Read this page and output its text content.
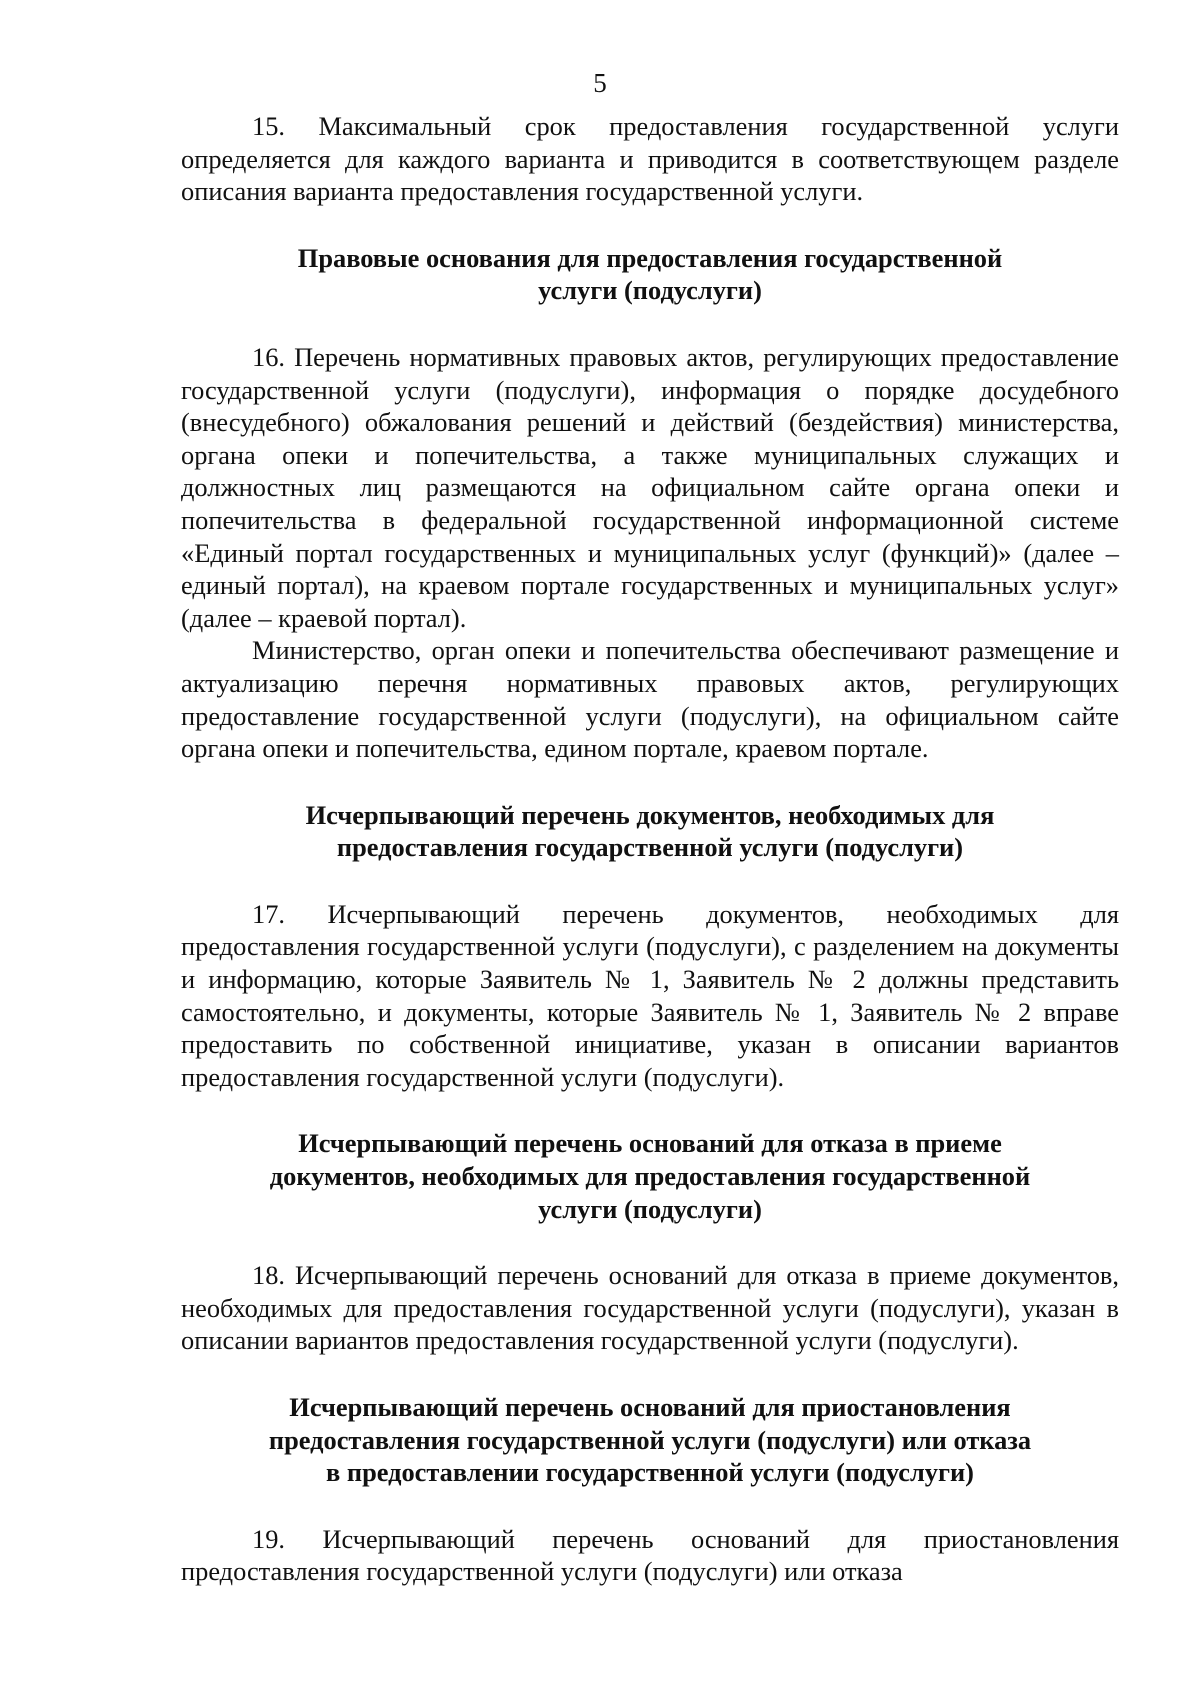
5

15. Максимальный срок предоставления государственной услуги определяется для каждого варианта и приводится в соответствующем разделе описания варианта предоставления государственной услуги.

Правовые основания для предоставления государственной
услуги (подуслуги)

16. Перечень нормативных правовых актов, регулирующих предоставление государственной услуги (подуслуги), информация о порядке досудебного (внесудебного) обжалования решений и действий (бездействия) министерства, органа опеки и попечительства, а также муниципальных служащих и должностных лиц размещаются на официальном сайте органа опеки и попечительства в федеральной государственной информационной системе «Единый портал государственных и муниципальных услуг (функций)» (далее – единый портал), на краевом портале государственных и муниципальных услуг» (далее – краевой портал).

Министерство, орган опеки и попечительства обеспечивают размещение и актуализацию перечня нормативных правовых актов, регулирующих предоставление государственной услуги (подуслуги), на официальном сайте органа опеки и попечительства, едином портале, краевом портале.

Исчерпывающий перечень документов, необходимых для
предоставления государственной услуги (подуслуги)

17. Исчерпывающий перечень документов, необходимых для предоставления государственной услуги (подуслуги), с разделением на документы и информацию, которые Заявитель № 1, Заявитель № 2 должны представить самостоятельно, и документы, которые Заявитель № 1, Заявитель № 2 вправе предоставить по собственной инициативе, указан в описании вариантов предоставления государственной услуги (подуслуги).

Исчерпывающий перечень оснований для отказа в приеме
документов, необходимых для предоставления государственной
услуги (подуслуги)

18. Исчерпывающий перечень оснований для отказа в приеме документов, необходимых для предоставления государственной услуги (подуслуги), указан в описании вариантов предоставления государственной услуги (подуслуги).

Исчерпывающий перечень оснований для приостановления
предоставления государственной услуги (подуслуги) или отказа
в предоставлении государственной услуги (подуслуги)

19. Исчерпывающий перечень оснований для приостановления предоставления государственной услуги (подуслуги) или отказа
